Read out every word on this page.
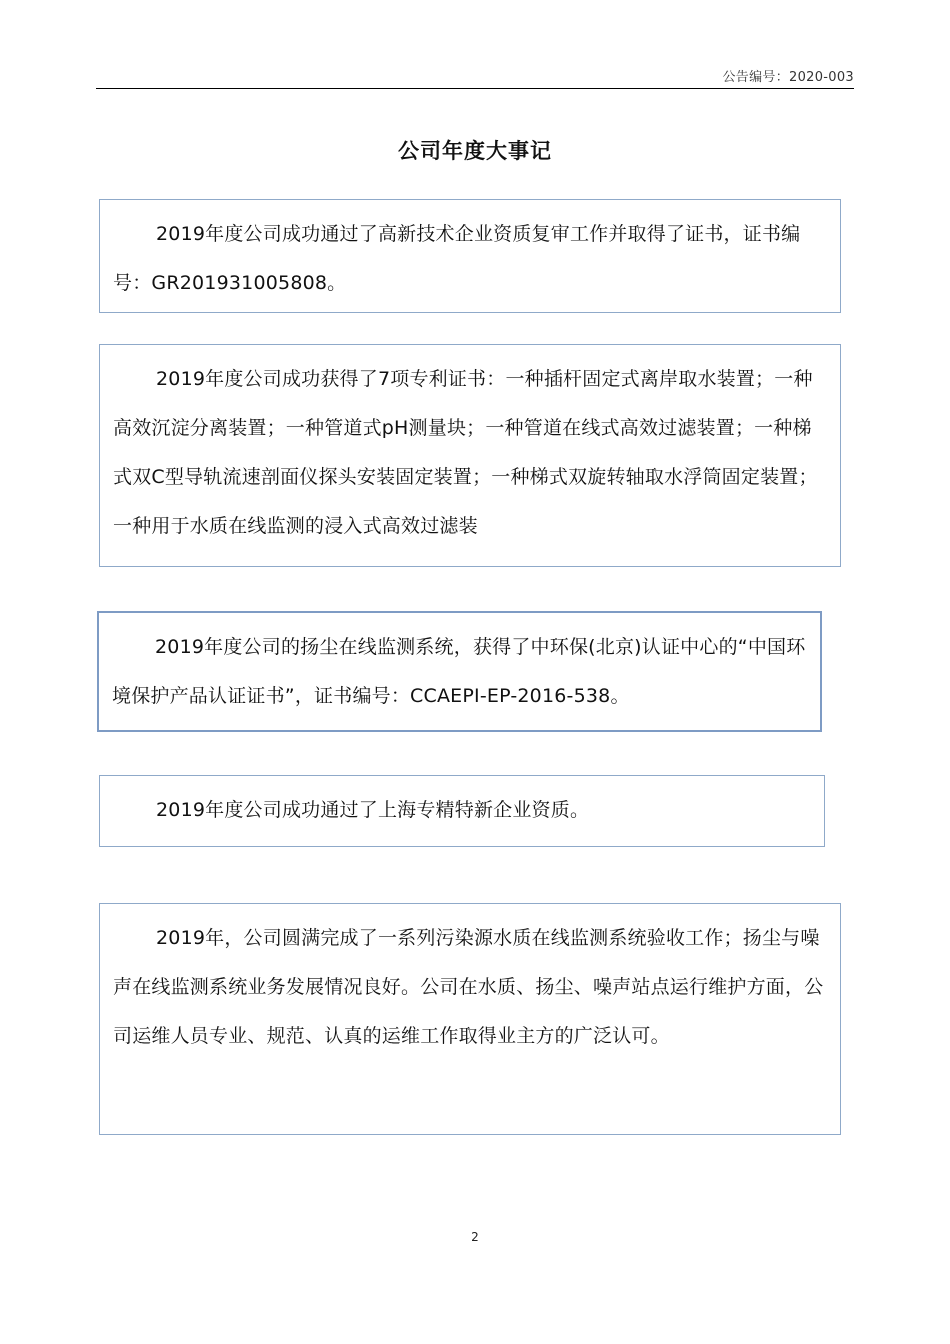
公告编号：2020-003
公司年度大事记

2019年度公司成功通过了高新技术企业资质复审工作并取得了证书，证书编号：GR201931005808。

2019年度公司成功获得了7项专利证书：一种插杆固定式离岸取水装置；一种高效沉淀分离装置；一种管道式pH测量块；一种管道在线式高效过滤装置；一种梯式双C型导轨流速剖面仪探头安装固定装置；一种梯式双旋转轴取水浮筒固定装置；一种用于水质在线监测的浸入式高效过滤装

2019年度公司的扬尘在线监测系统，获得了中环保(北京)认证中心的“中国环境保护产品认证证书”，证书编号：CCAEPI-EP-2016-538。

2019年度公司成功通过了上海专精特新企业资质。

2019年，公司圆满完成了一系列污染源水质在线监测系统验收工作；扬尘与噪声在线监测系统业务发展情况良好。公司在水质、扬尘、噪声站点运行维护方面，公司运维人员专业、规范、认真的运维工作取得业主方的广泛认可。

2
